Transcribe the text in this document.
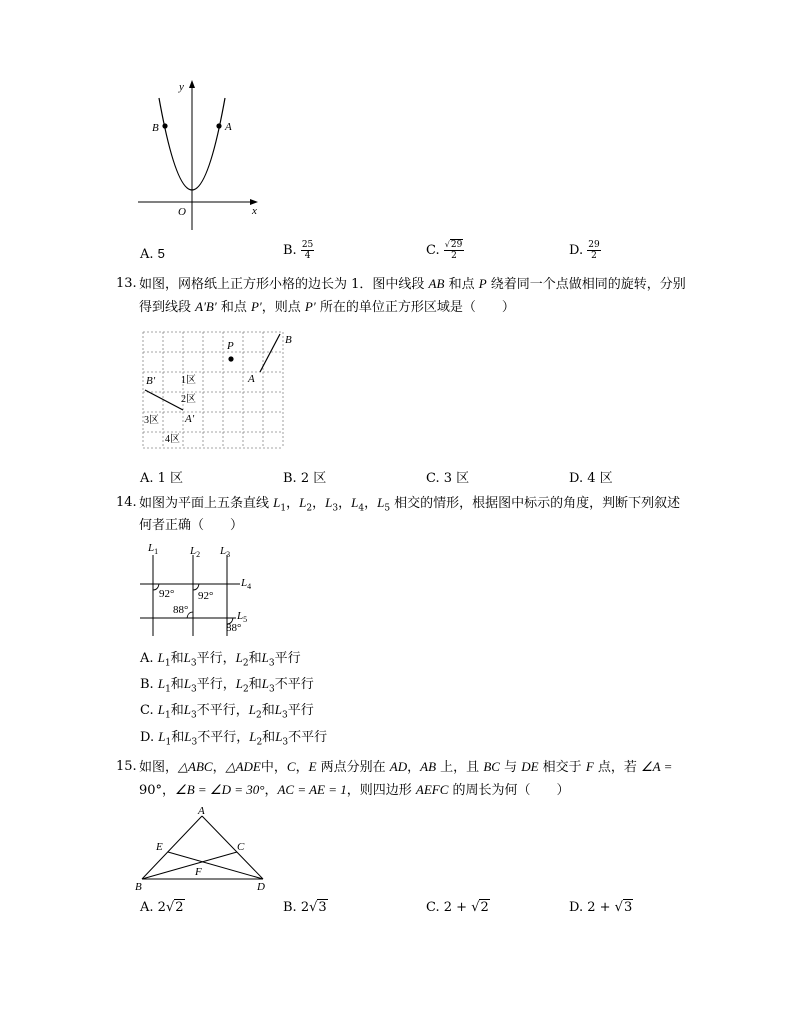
y
x
O
A
B
A. 5	B. $\frac{25}{4}$	C. $\frac{√29}{2}$	D. $\frac{29}{2}$
13. 如图，网格纸上正方形小格的边长为 1．图中线段 AB 和点 P 绕着同一个点做相同的旋转，分别
得到线段 A′B′ 和点 P′，则点 P′ 所在的单位正方形区域是（　　）
P
A
B
B′
A′
1区
2区
3区
4区
A. 1 区	B. 2 区	C. 3 区	D. 4 区
14. 如图为平面上五条直线 $L_1$，$L_2$，$L_3$，$L_4$，$L_5$ 相交的情形，根据图中标示的角度，判断下列叙述
何者正确（　　）
$L_1$	$L_2$ $L_3$
$L_4$
$L_5$
92° 92°
88°
88°
A. $L_1$和$L_3$平行，$L_2$和$L_3$平行
B. $L_1$和$L_3$平行，$L_2$和$L_3$不平行
C. $L_1$和$L_3$不平行，$L_2$和$L_3$平行
D. $L_1$和$L_3$不平行，$L_2$和$L_3$不平行
15. 如图，△ABC，△ADE中，C，E 两点分别在 AD，AB 上，且 BC 与 DE 相交于 F 点，若 ∠A =
90°，∠B = ∠D = 30°，AC = AE = 1，则四边形 AEFC 的周长为何（　　）
A
B
C
D
E
F
A. 2√2	B. 2√3	C. 2 + √2	D. 2 + √3
